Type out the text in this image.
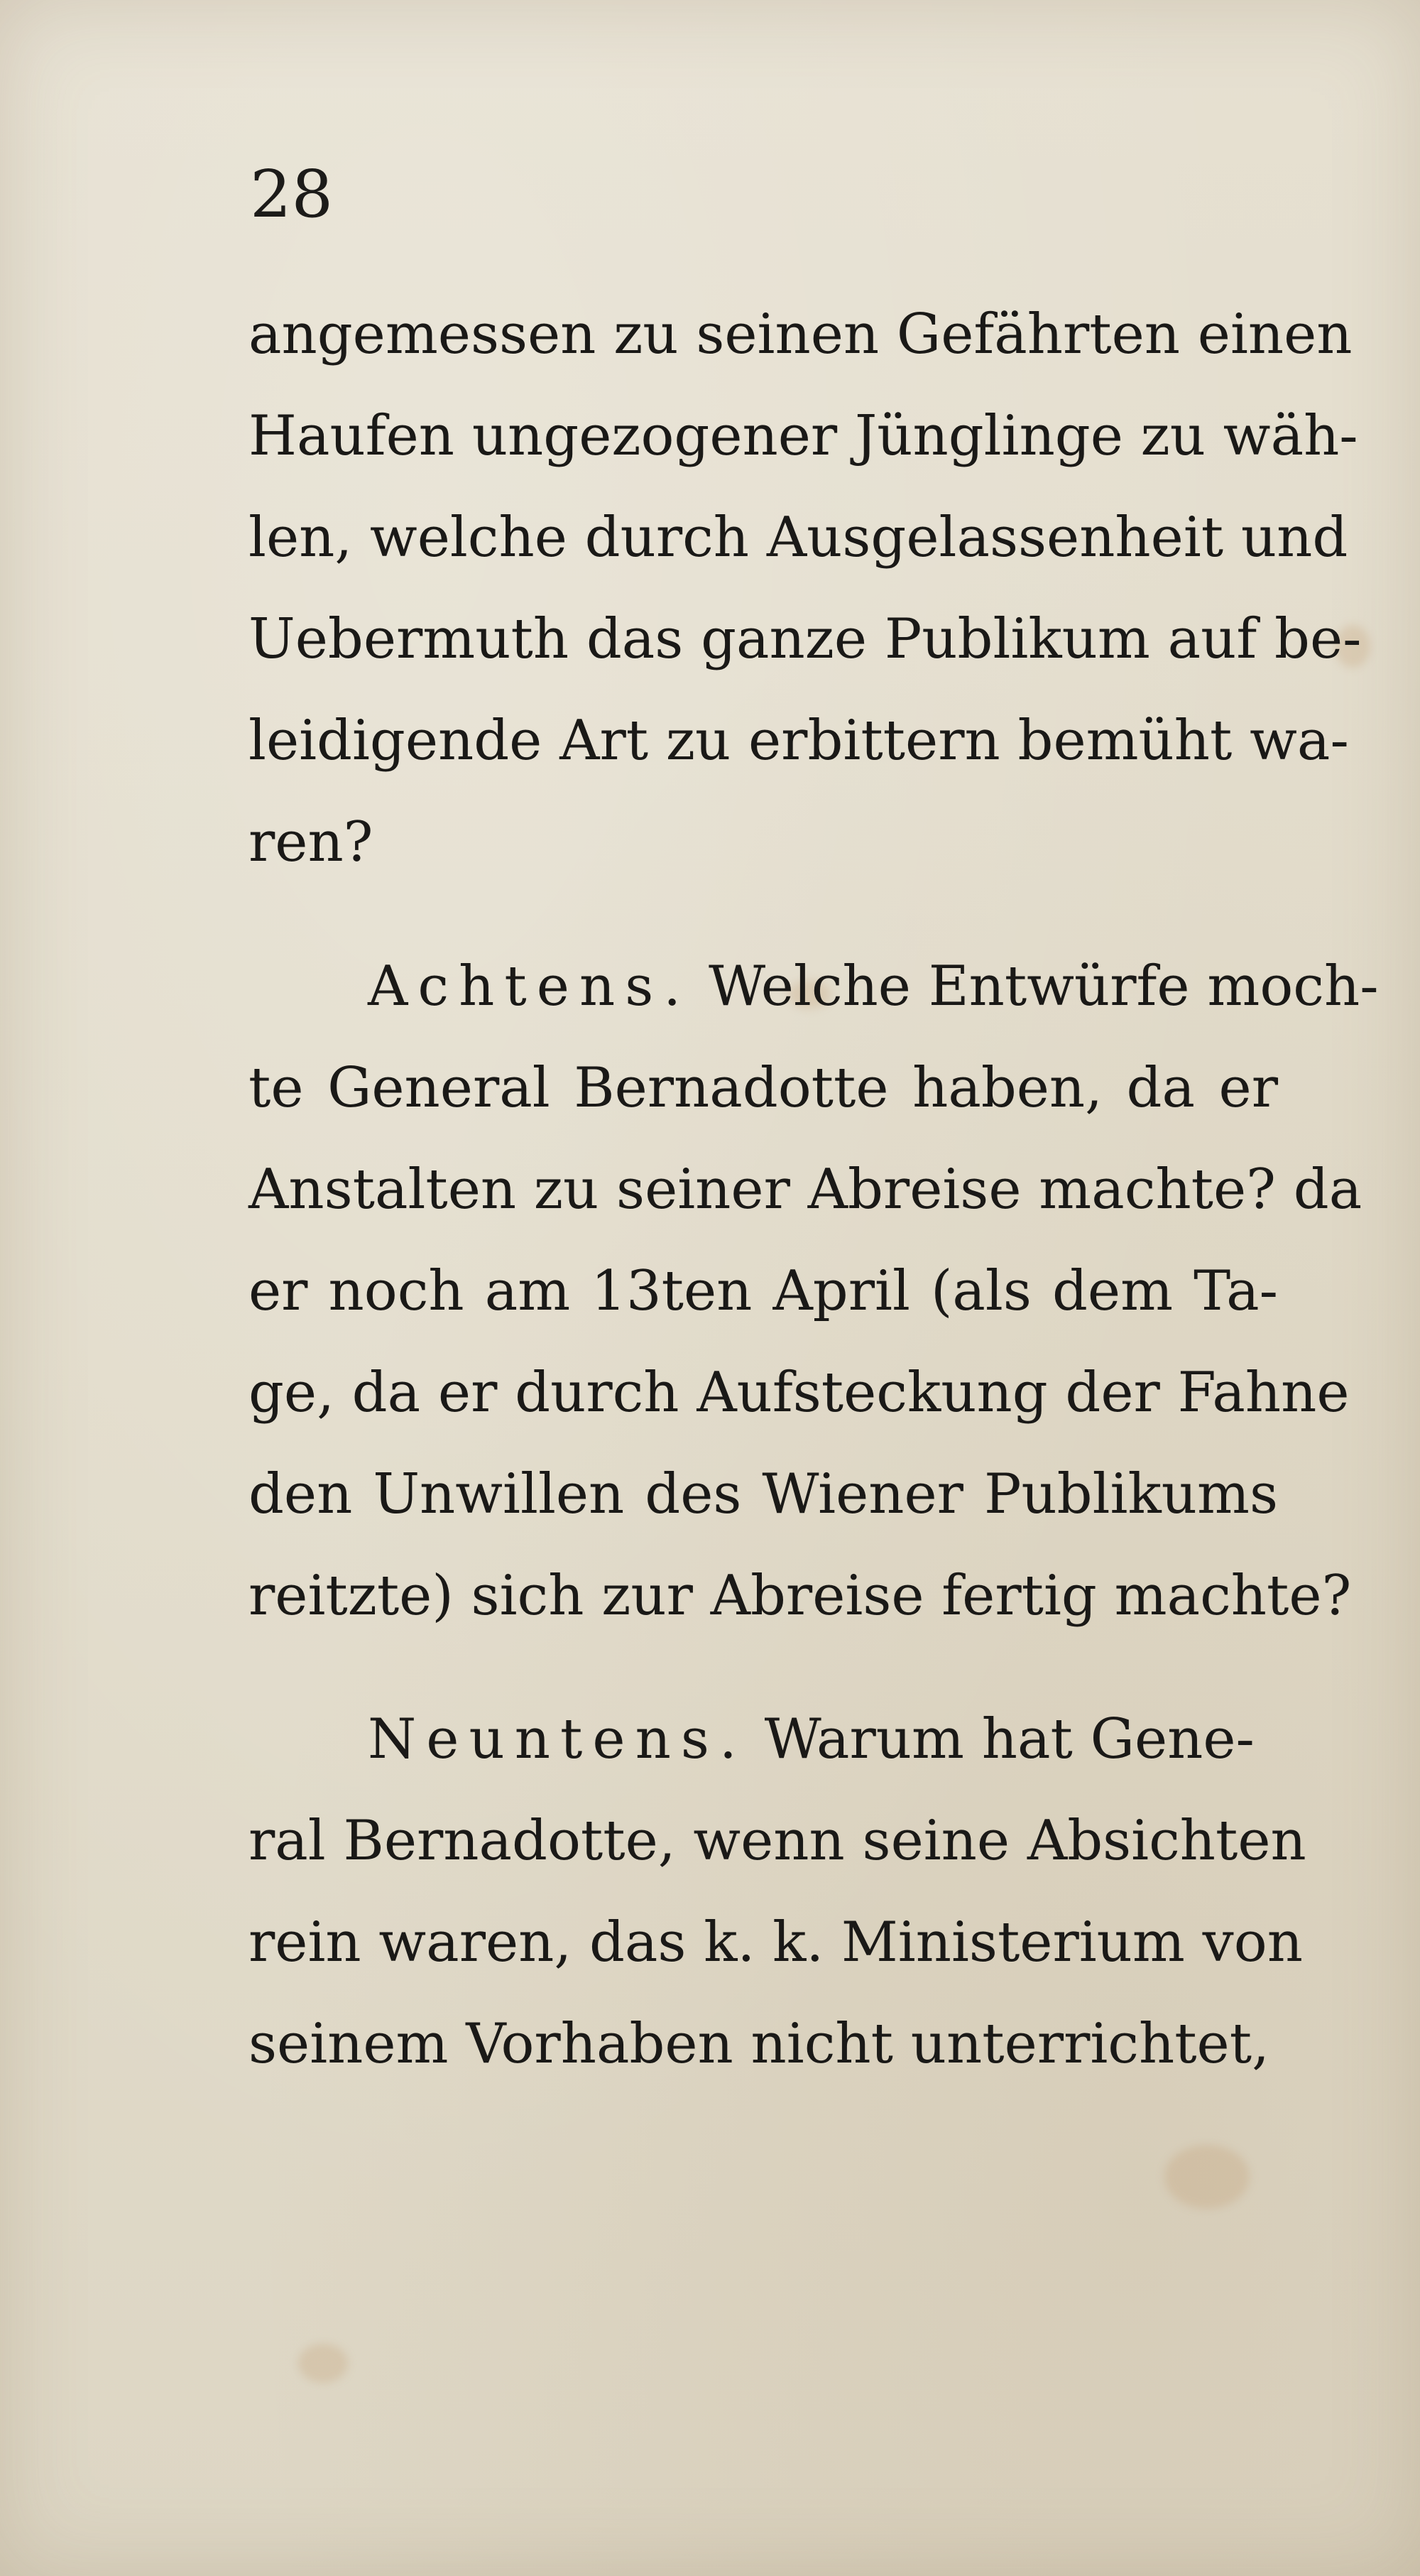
28

angemessen zu seinen Gefährten einen
Haufen ungezogener Jünglinge zu wäh-
len, welche durch Ausgelassenheit und
Uebermuth das ganze Publikum auf be-
leidigende Art zu erbittern bemüht wa-
ren?
Achtens. Welche Entwürfe moch-
te General Bernadotte haben, da er
Anstalten zu seiner Abreise machte? da
er noch am 13ten April (als dem Ta-
ge, da er durch Aufsteckung der Fahne
den Unwillen des Wiener Publikums
reitzte) sich zur Abreise fertig machte?
Neuntens. Warum hat Gene-
ral Bernadotte, wenn seine Absichten
rein waren, das k. k. Ministerium von
seinem Vorhaben nicht unterrichtet,
